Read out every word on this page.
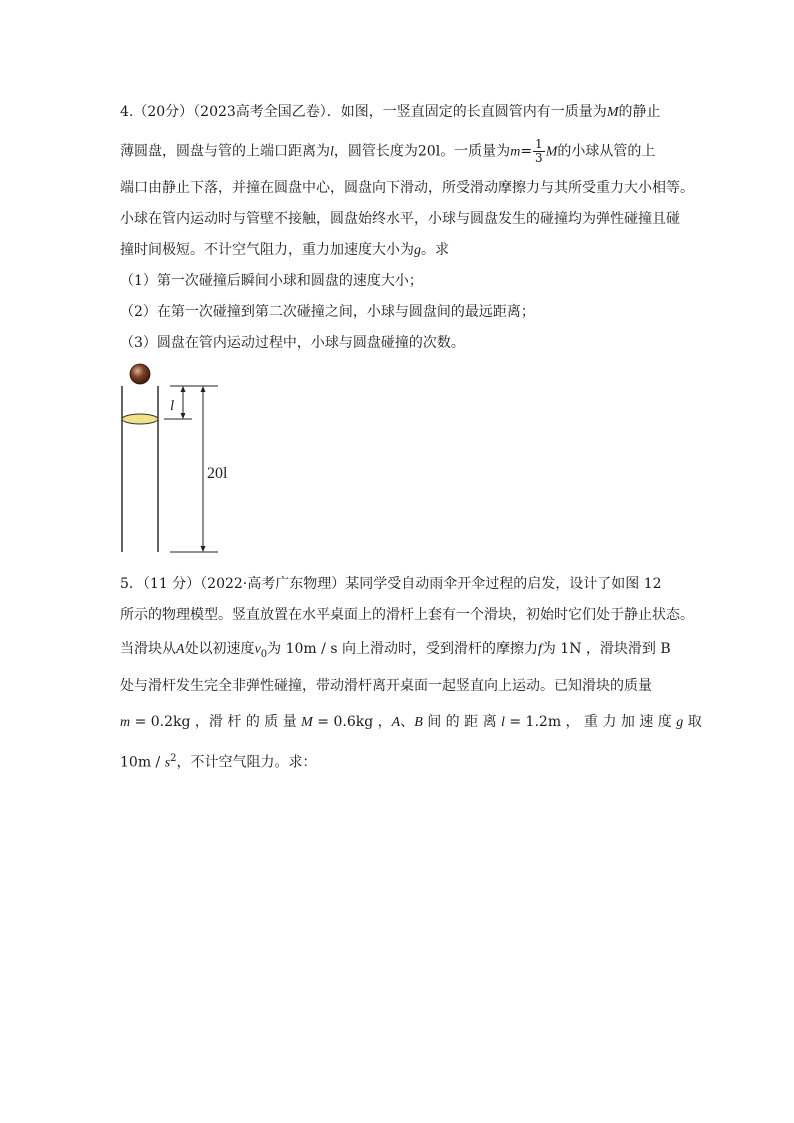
4.（20分）（2023高考全国乙卷）．如图，一竖直固定的长直圆管内有一质量为M的静止
薄圆盘，圆盘与管的上端口距离为l，圆管长度为20l。一质量为$m= \frac{1}{3}$ M的小球从管的上
端口由静止下落，并撞在圆盘中心，圆盘向下滑动，所受滑动摩擦力与其所受重力大小相等。
小球在管内运动时与管壁不接触，圆盘始终水平，小球与圆盘发生的碰撞均为弹性碰撞且碰
撞时间极短。不计空气阻力，重力加速度大小为g。求
（1）第一次碰撞后瞬间小球和圆盘的速度大小；
（2）在第一次碰撞到第二次碰撞之间，小球与圆盘间的最远距离；
（3）圆盘在管内运动过程中，小球与圆盘碰撞的次数。
l
20l
5．（11 分）（2022·高考广东物理）某同学受自动雨伞开伞过程的启发，设计了如图 12
所示的物理模型。竖直放置在水平桌面上的滑杆上套有一个滑块，初始时它们处于静止状态。
当滑块从A处以初速度$v_0$为 10m / s 向上滑动时，受到滑杆的摩擦力f为 1N ，滑块滑到 B
处与滑杆发生完全非弹性碰撞，带动滑杆离开桌面一起竖直向上运动。已知滑块的质量
m = 0.2kg ，滑 杆 的 质 量 M = 0.6kg ，A、B 间 的 距 离 l = 1.2m ， 重 力 加 速 度 g 取
$10m / s^2$，不计空气阻力。求：
